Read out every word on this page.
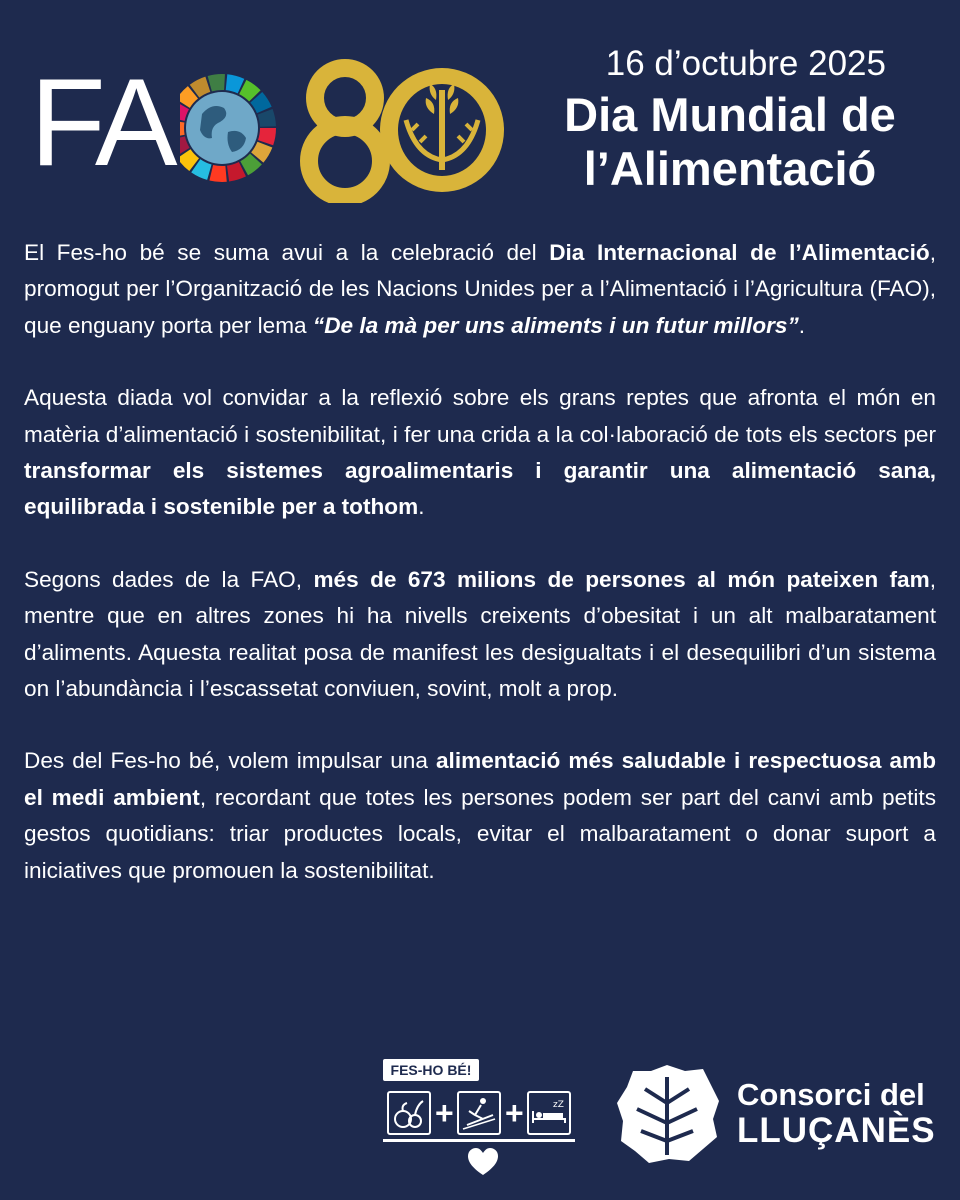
FA	16 d’octubre 2025
Dia Mundial de
l’Alimentació

El Fes-ho bé se suma avui a la celebració del Dia Internacional de l’Alimentació, promogut per l’Organització de les Nacions Unides per a l’Alimentació i l’Agricultura (FAO), que enguany porta per lema “De la mà per uns aliments i un futur millors”.

Aquesta diada vol convidar a la reflexió sobre els grans reptes que afronta el món en matèria d’alimentació i sostenibilitat, i fer una crida a la col·laboració de tots els sectors per transformar els sistemes agroalimentaris i garantir una alimentació sana, equilibrada i sostenible per a tothom.

Segons dades de la FAO, més de 673 milions de persones al món pateixen fam, mentre que en altres zones hi ha nivells creixents d’obesitat i un alt malbaratament d’aliments. Aquesta realitat posa de manifest les desigualtats i el desequilibri d’un sistema on l’abundància i l’escassetat conviuen, sovint, molt a prop.

Des del Fes-ho bé, volem impulsar una alimentació més saludable i respectuosa amb el medi ambient, recordant que totes les persones podem ser part del canvi amb petits gestos quotidians: triar productes locals, evitar el malbaratament o donar suport a iniciatives que promouen la sostenibilitat.

FES-HO BÉ!
+ +	zZ	Consorci del
LLUÇANÈS
